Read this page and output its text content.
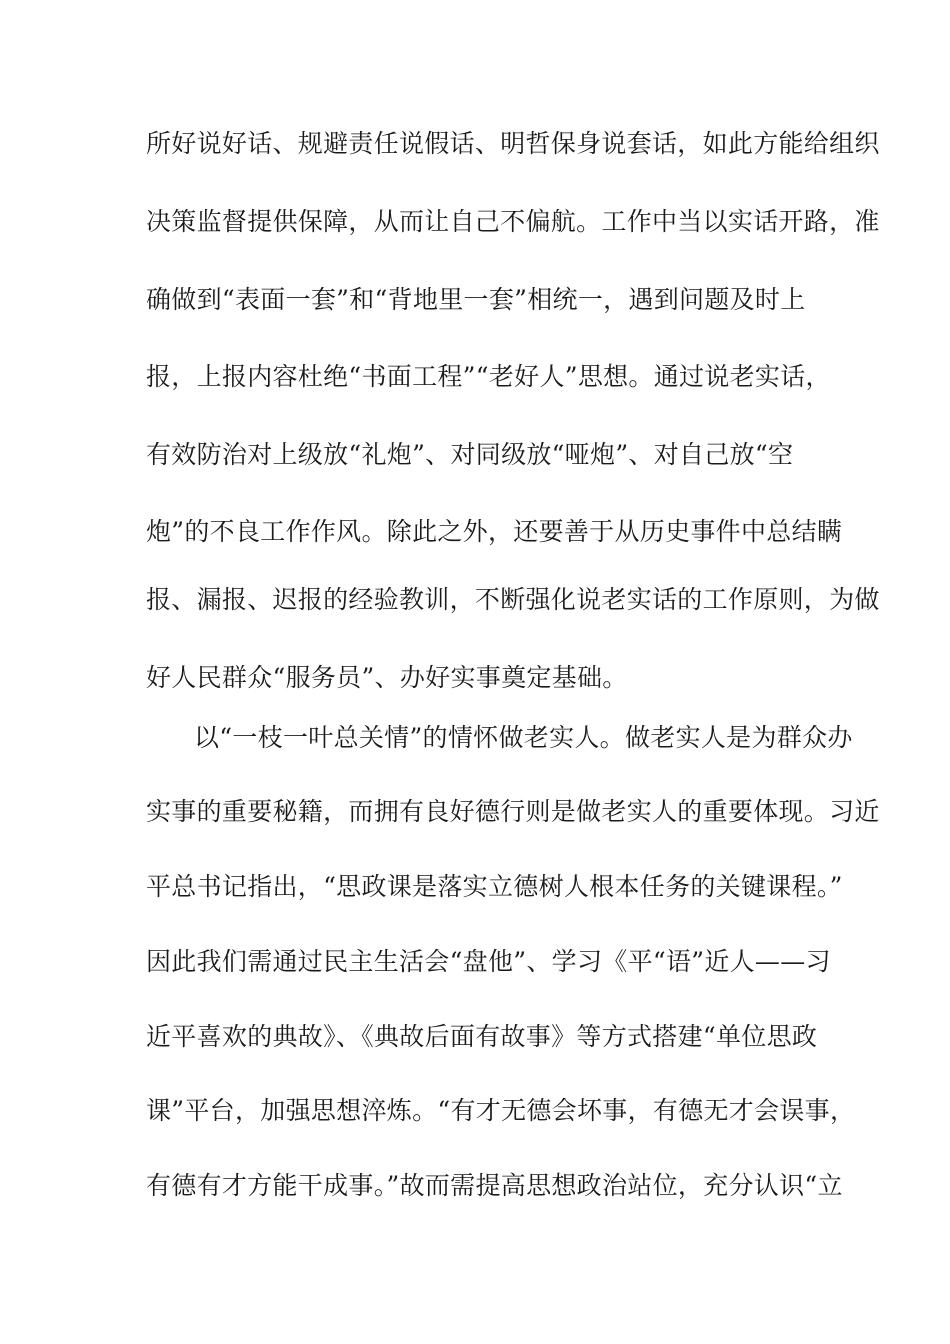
所好说好话、规避责任说假话、明哲保身说套话，如此方能给组织

决策监督提供保障，从而让自己不偏航。工作中当以实话开路，准

确做到“表面一套”和“背地里一套”相统一，遇到问题及时上

报，上报内容杜绝“书面工程”“老好人”思想。通过说老实话，

有效防治对上级放“礼炮”、对同级放“哑炮”、对自己放“空

炮”的不良工作作风。除此之外，还要善于从历史事件中总结瞒

报、漏报、迟报的经验教训，不断强化说老实话的工作原则，为做

好人民群众“服务员”、办好实事奠定基础。

以“一枝一叶总关情”的情怀做老实人。做老实人是为群众办

实事的重要秘籍，而拥有良好德行则是做老实人的重要体现。习近

平总书记指出，“思政课是落实立德树人根本任务的关键课程。”

因此我们需通过民主生活会“盘他”、学习《平“语”近人——习

近平喜欢的典故》、《典故后面有故事》等方式搭建“单位思政

课”平台，加强思想淬炼。“有才无德会坏事，有德无才会误事，

有德有才方能干成事。”故而需提高思想政治站位，充分认识“立
